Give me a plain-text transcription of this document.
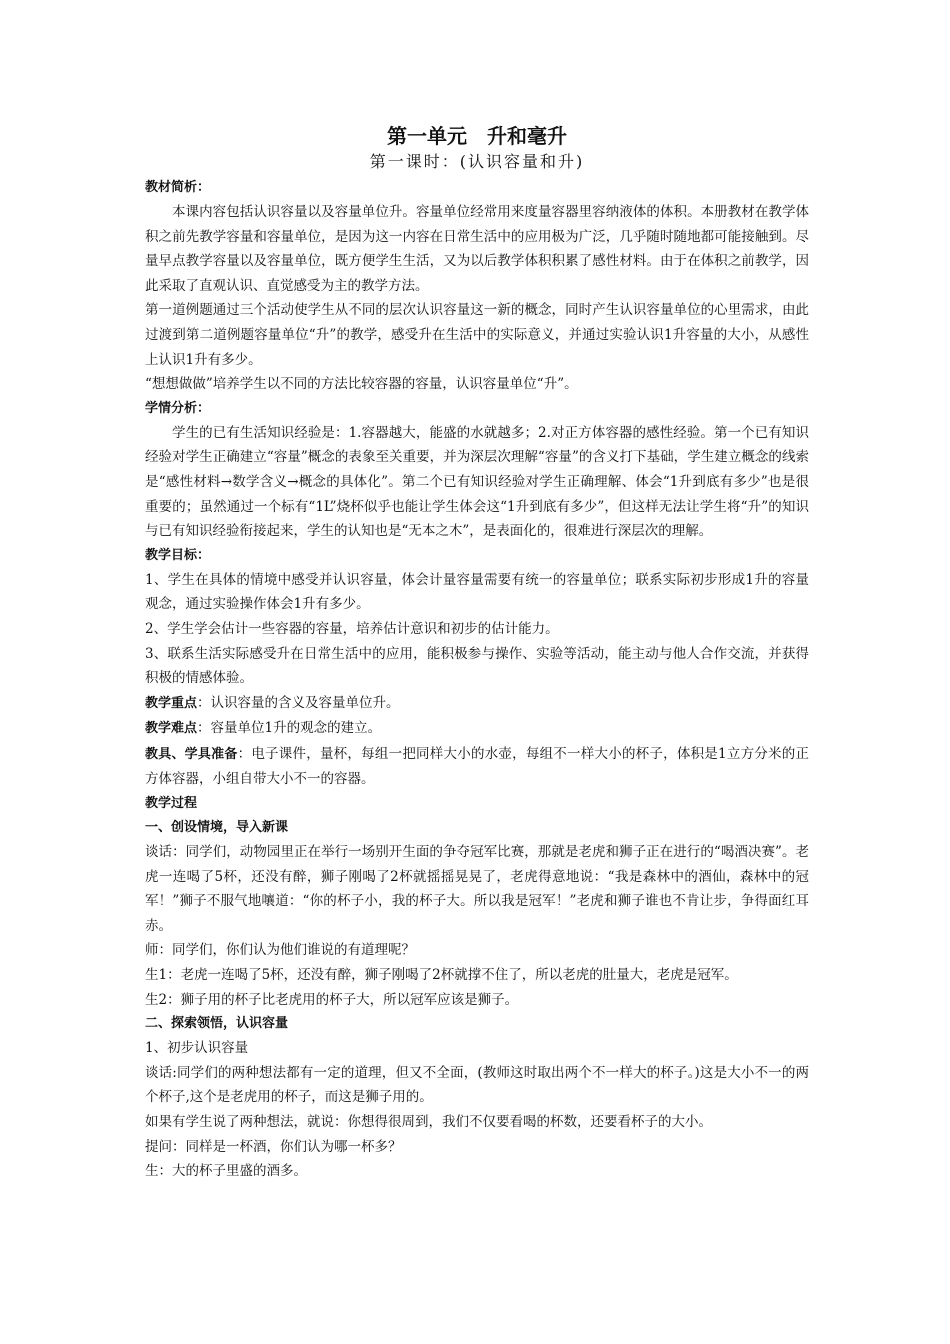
第一单元　升和毫升

第一课时：(认识容量和升)

教材简析：

本课内容包括认识容量以及容量单位升。容量单位经常用来度量容器里容纳液体的体积。本册教材在教学体积之前先教学容量和容量单位，是因为这一内容在日常生活中的应用极为广泛，几乎随时随地都可能接触到。尽量早点教学容量以及容量单位，既方便学生生活，又为以后教学体积积累了感性材料。由于在体积之前教学，因此采取了直观认识、直觉感受为主的教学方法。

第一道例题通过三个活动使学生从不同的层次认识容量这一新的概念，同时产生认识容量单位的心里需求，由此过渡到第二道例题容量单位“升”的教学，感受升在生活中的实际意义，并通过实验认识1升容量的大小，从感性上认识1升有多少。

“想想做做”培养学生以不同的方法比较容器的容量，认识容量单位“升”。

学情分析：

学生的已有生活知识经验是：1.容器越大，能盛的水就越多；2.对正方体容器的感性经验。第一个已有知识经验对学生正确建立“容量”概念的表象至关重要，并为深层次理解“容量”的含义打下基础，学生建立概念的线索是“感性材料→数学含义→概念的具体化”。第二个已有知识经验对学生正确理解、体会“1升到底有多少”也是很重要的；虽然通过一个标有“1L”烧杯似乎也能让学生体会这“1升到底有多少”，但这样无法让学生将“升”的知识与已有知识经验衔接起来，学生的认知也是“无本之木”，是表面化的，很难进行深层次的理解。

教学目标：

1、学生在具体的情境中感受并认识容量，体会计量容量需要有统一的容量单位；联系实际初步形成1升的容量观念，通过实验操作体会1升有多少。

2、学生学会估计一些容器的容量，培养估计意识和初步的估计能力。

3、联系生活实际感受升在日常生活中的应用，能积极参与操作、实验等活动，能主动与他人合作交流，并获得积极的情感体验。

教学重点：认识容量的含义及容量单位升。

教学难点：容量单位1升的观念的建立。

教具、学具准备：电子课件，量杯，每组一把同样大小的水壶，每组不一样大小的杯子，体积是1立方分米的正方体容器，小组自带大小不一的容器。

教学过程

一、创设情境，导入新课

谈话：同学们，动物园里正在举行一场别开生面的争夺冠军比赛，那就是老虎和狮子正在进行的“喝酒决赛”。老虎一连喝了5杯，还没有醉，狮子刚喝了2杯就摇摇晃晃了，老虎得意地说：“我是森林中的酒仙，森林中的冠军！”狮子不服气地嚷道：“你的杯子小，我的杯子大。所以我是冠军！”老虎和狮子谁也不肯让步，争得面红耳赤。

师：同学们，你们认为他们谁说的有道理呢？

生1：老虎一连喝了5杯，还没有醉，狮子刚喝了2杯就撑不住了，所以老虎的肚量大，老虎是冠军。

生2：狮子用的杯子比老虎用的杯子大，所以冠军应该是狮子。

二、探索领悟，认识容量

1、初步认识容量

谈话:同学们的两种想法都有一定的道理，但又不全面，(教师这时取出两个不一样大的杯子。)这是大小不一的两个杯子,这个是老虎用的杯子，而这是狮子用的。

如果有学生说了两种想法，就说：你想得很周到，我们不仅要看喝的杯数，还要看杯子的大小。

提问：同样是一杯酒，你们认为哪一杯多？

生：大的杯子里盛的酒多。
